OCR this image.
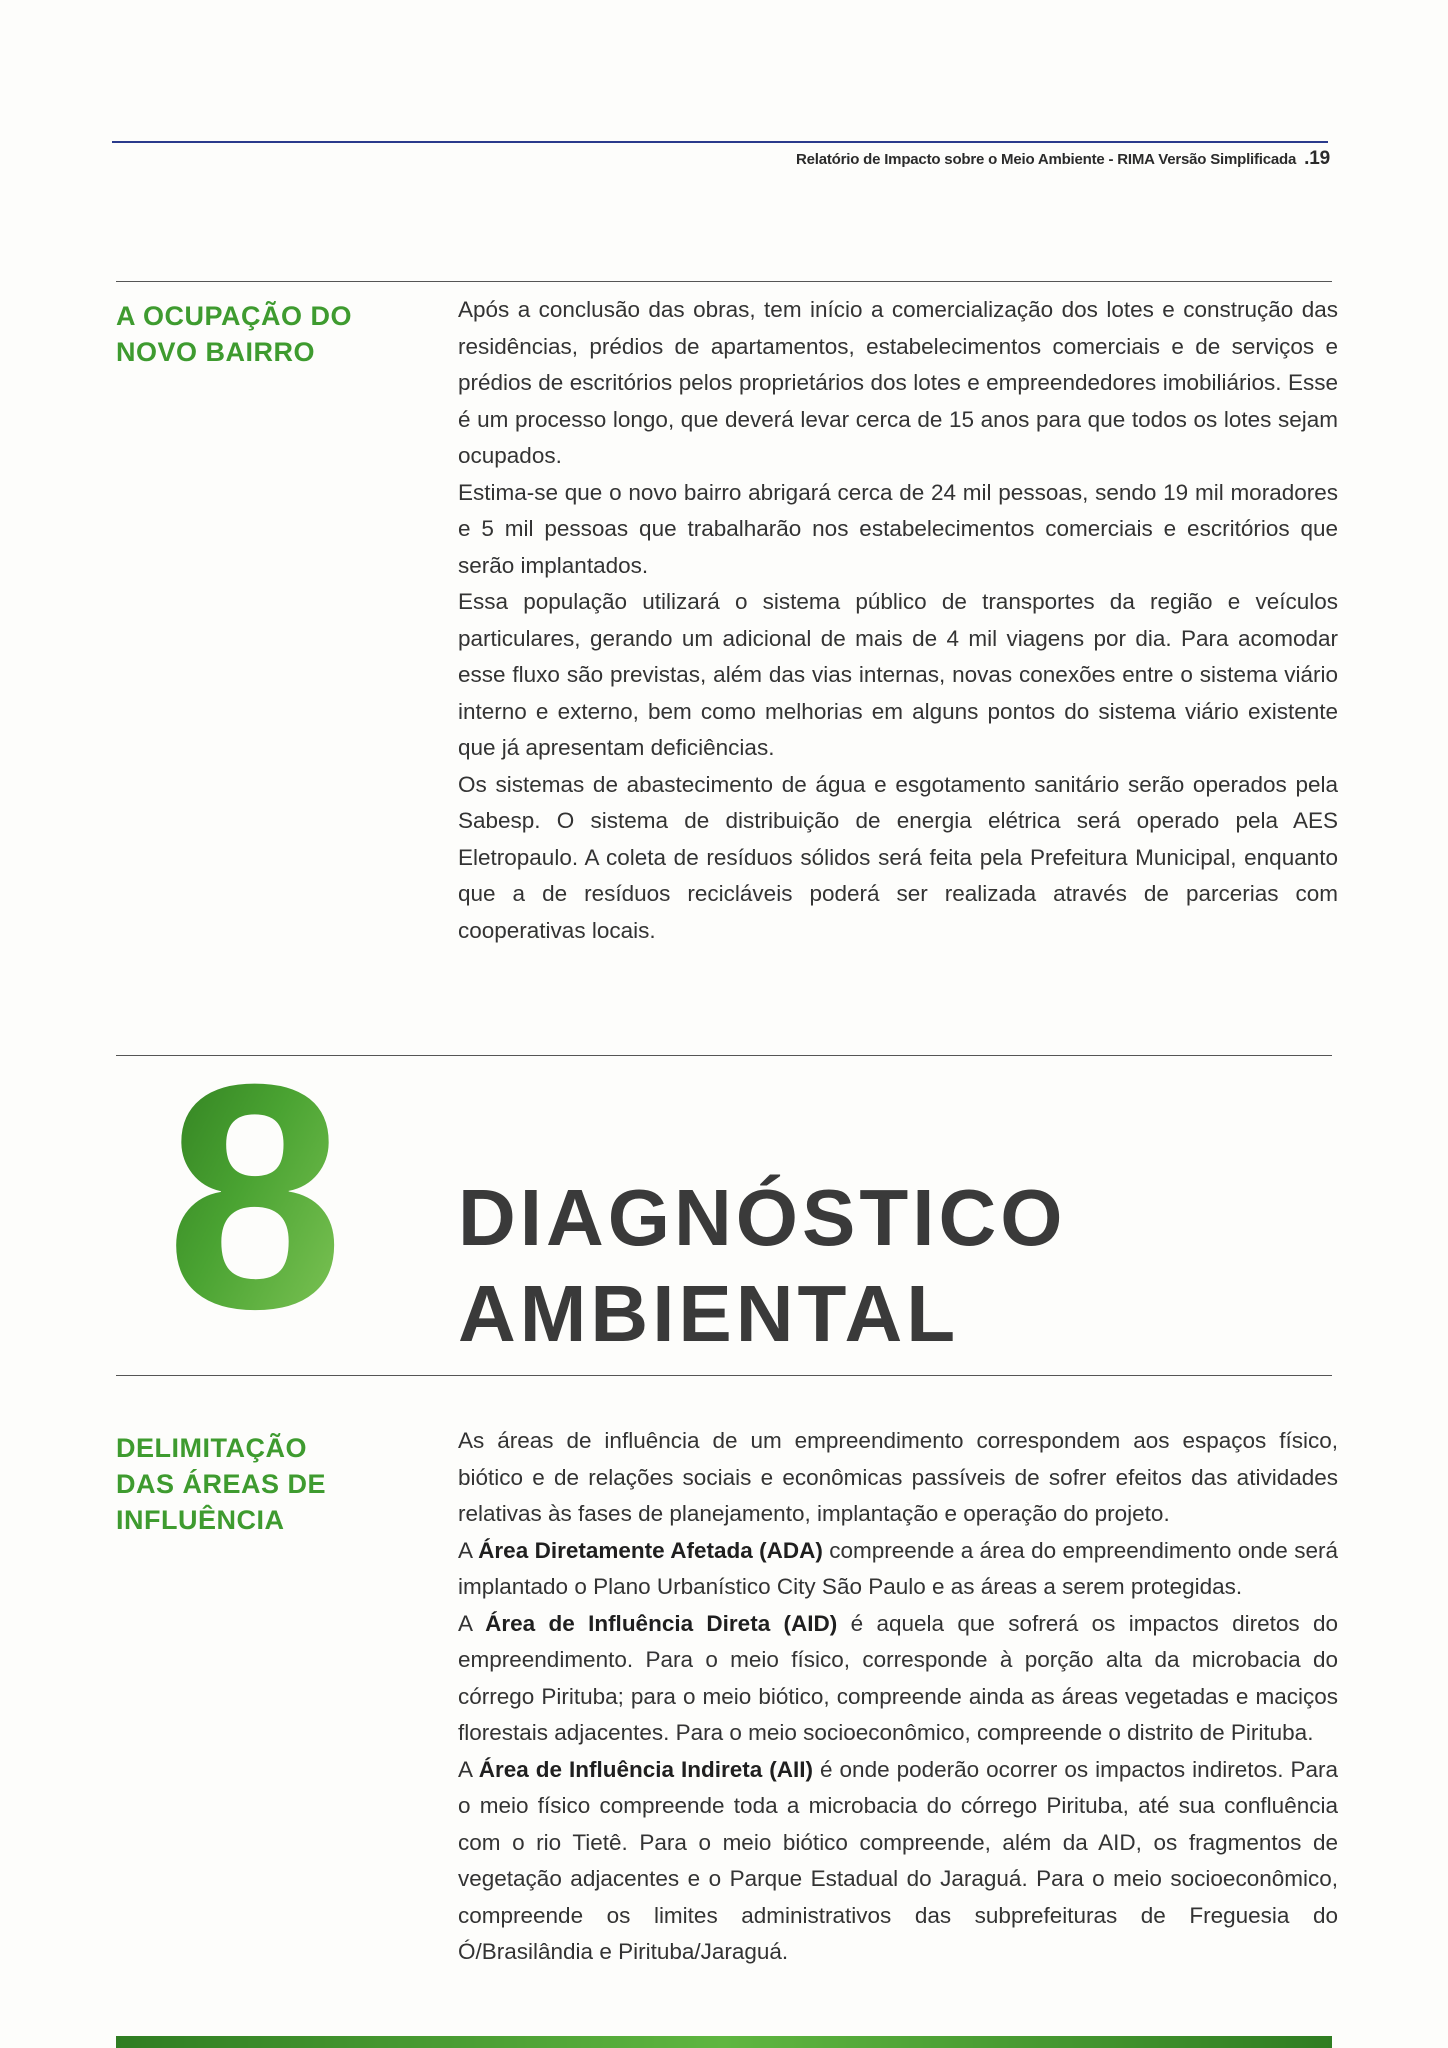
Relatório de Impacto sobre o Meio Ambiente - RIMA Versão Simplificada .19
A OCUPAÇÃO DO
NOVO BAIRRO

Após a conclusão das obras, tem início a comercialização dos lotes e construção das residências, prédios de apartamentos, estabelecimentos comerciais e de serviços e prédios de escritórios pelos proprietários dos lotes e empreendedores imobiliários. Esse é um processo longo, que deverá levar cerca de 15 anos para que todos os lotes sejam ocupados.

Estima-se que o novo bairro abrigará cerca de 24 mil pessoas, sendo 19 mil moradores e 5 mil pessoas que trabalharão nos estabelecimentos comerciais e escritórios que serão implantados.

Essa população utilizará o sistema público de transportes da região e veículos particulares, gerando um adicional de mais de 4 mil viagens por dia. Para acomodar esse fluxo são previstas, além das vias internas, novas conexões entre o sistema viário interno e externo, bem como melhorias em alguns pontos do sistema viário existente que já apresentam deficiências.

Os sistemas de abastecimento de água e esgotamento sanitário serão operados pela Sabesp. O sistema de distribuição de energia elétrica será operado pela AES Eletropaulo. A coleta de resíduos sólidos será feita pela Prefeitura Municipal, enquanto que a de resíduos recicláveis poderá ser realizada através de parcerias com cooperativas locais.

8 DIAGNÓSTICO
AMBIENTAL
DELIMITAÇÃO
DAS ÁREAS DE
INFLUÊNCIA

As áreas de influência de um empreendimento correspondem aos espaços físico, biótico e de relações sociais e econômicas passíveis de sofrer efeitos das atividades relativas às fases de planejamento, implantação e operação do projeto.

A Área Diretamente Afetada (ADA) compreende a área do empreendimento onde será implantado o Plano Urbanístico City São Paulo e as áreas a serem protegidas.

A Área de Influência Direta (AID) é aquela que sofrerá os impactos diretos do empreendimento. Para o meio físico, corresponde à porção alta da microbacia do córrego Pirituba; para o meio biótico, compreende ainda as áreas vegetadas e maciços florestais adjacentes. Para o meio socioeconômico, compreende o distrito de Pirituba.

A Área de Influência Indireta (AII) é onde poderão ocorrer os impactos indiretos. Para o meio físico compreende toda a microbacia do córrego Pirituba, até sua confluência com o rio Tietê. Para o meio biótico compreende, além da AID, os fragmentos de vegetação adjacentes e o Parque Estadual do Jaraguá. Para o meio socioeconômico, compreende os limites administrativos das subprefeituras de Freguesia do Ó/Brasilândia e Pirituba/Jaraguá.
